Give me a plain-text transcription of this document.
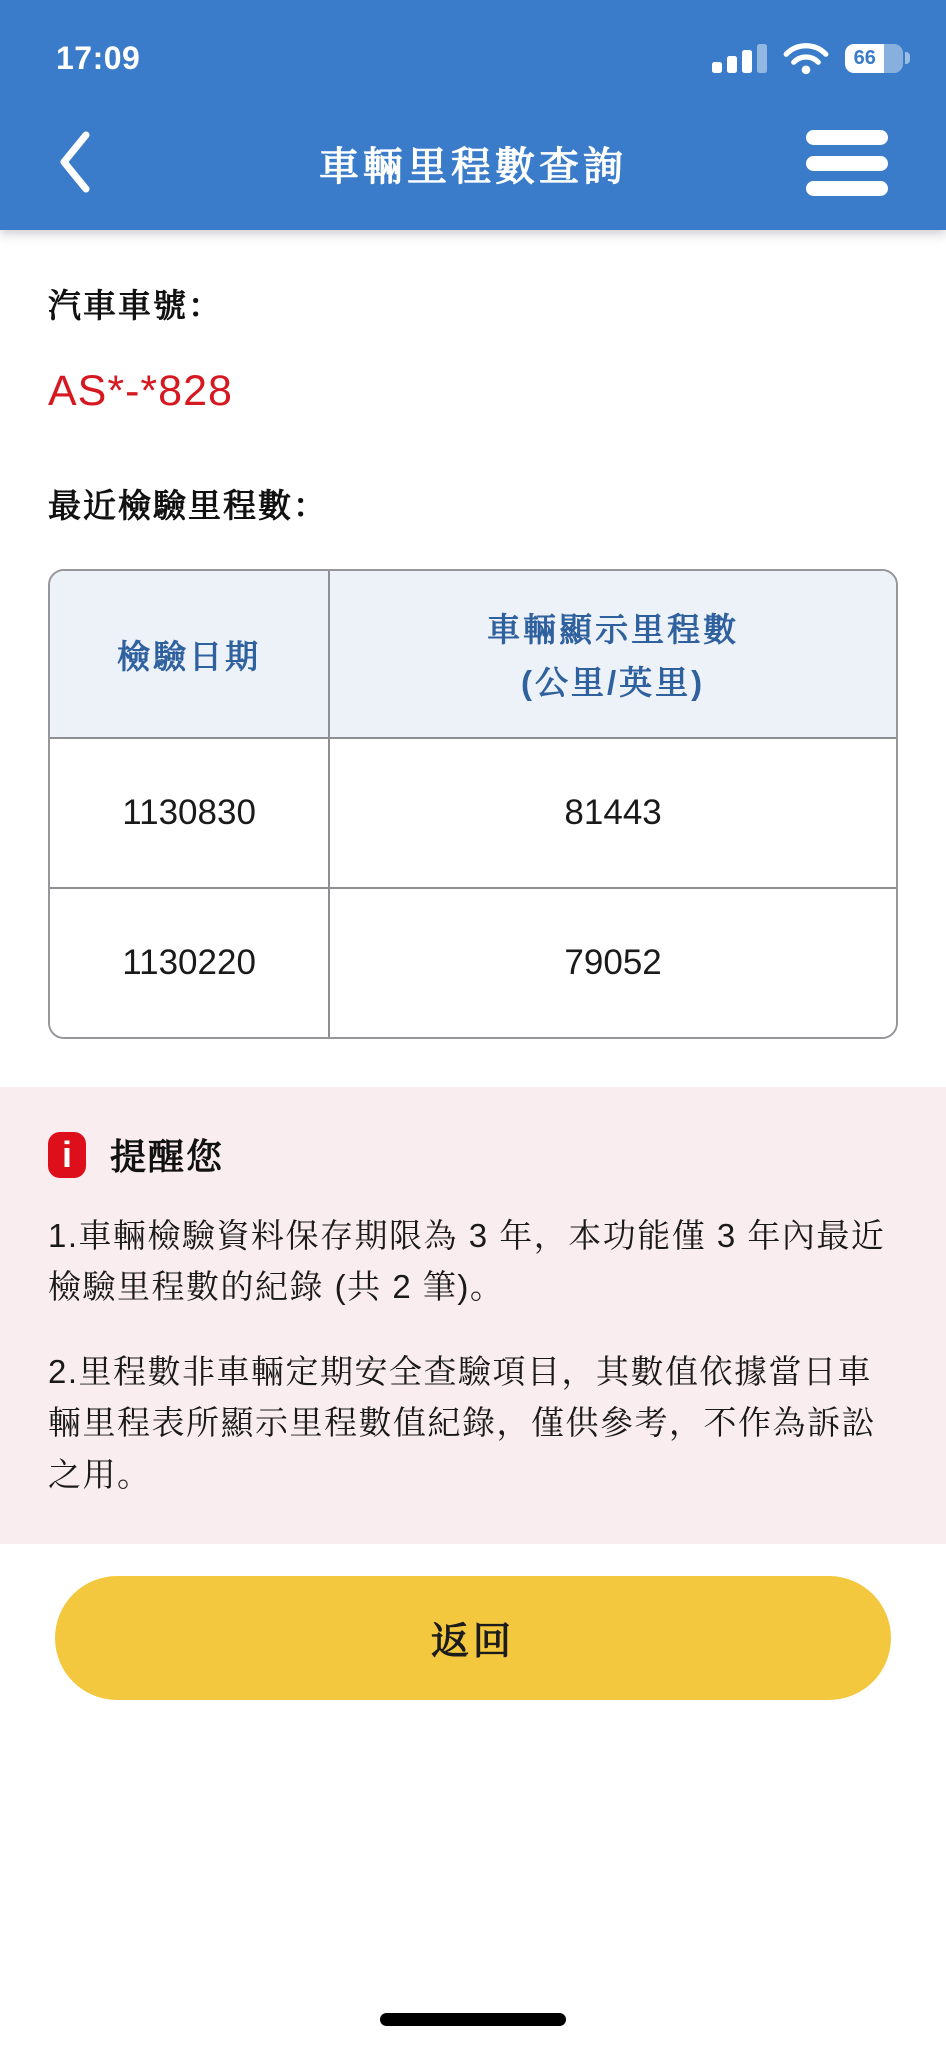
17:09	66
車輛里程數查詢
汽車車號：
AS*-*828
最近檢驗里程數：
檢驗日期	車輛顯示里程數
(公里/英里)

1130830	81443
1130220	79052
i	提醒您

1.車輛檢驗資料保存期限為 3 年，本功能僅 3 年內最近檢驗里程數的紀錄 (共 2 筆)。

2.里程數非車輛定期安全查驗項目，其數值依據當日車輛里程表所顯示里程數值紀錄，僅供參考，不作為訴訟之用。

返回
